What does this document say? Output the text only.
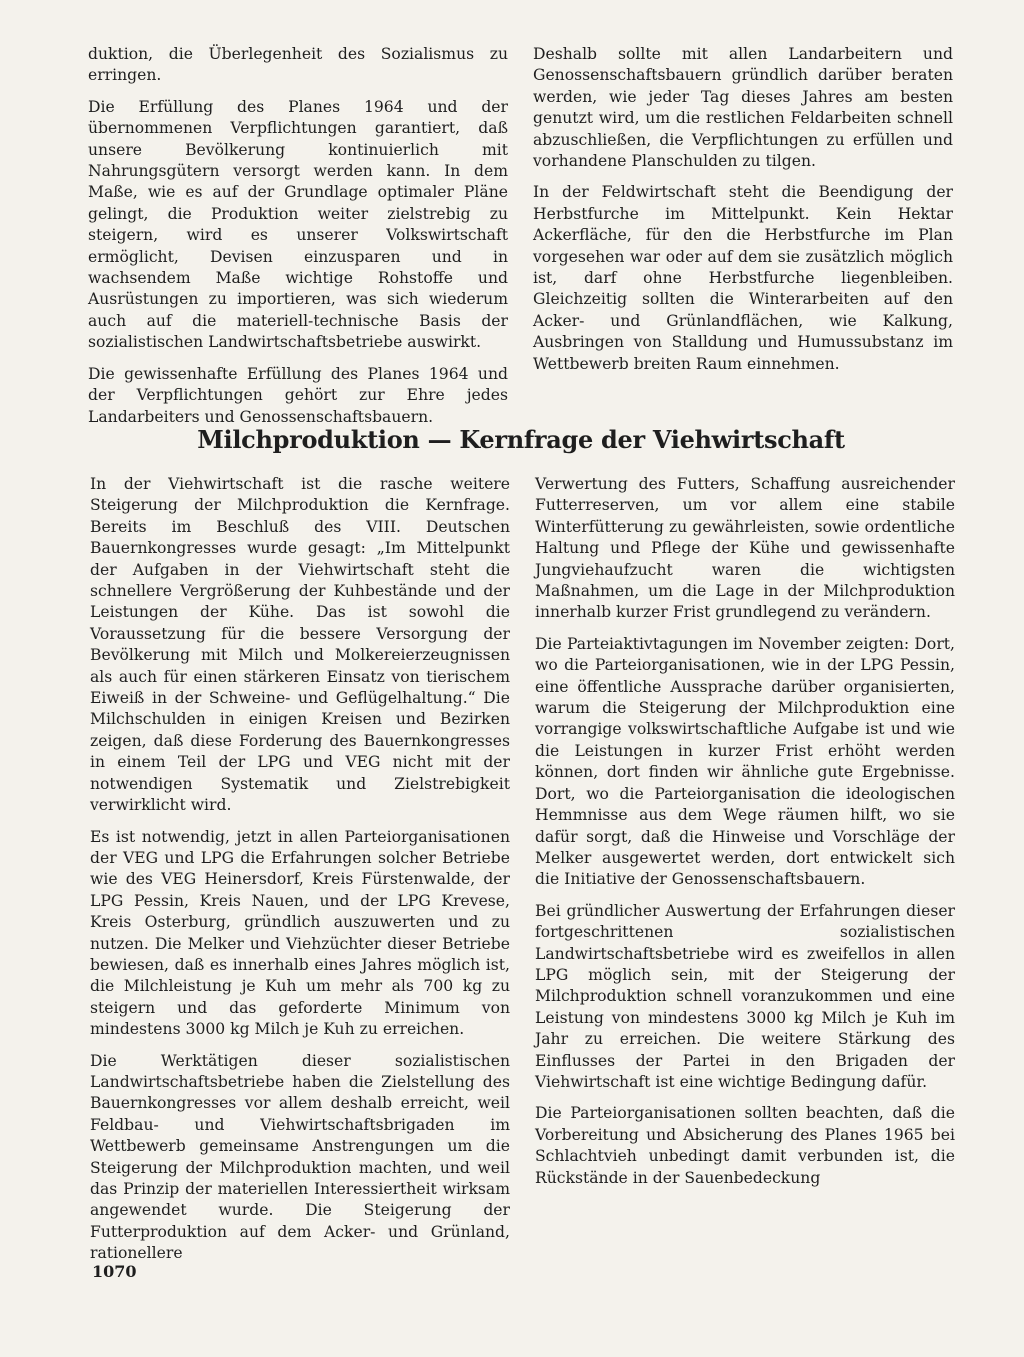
duktion, die Überlegenheit des Sozialismus zu erringen.

Die Erfüllung des Planes 1964 und der übernommenen Verpflichtungen garantiert, daß unsere Bevölkerung kontinuierlich mit Nahrungsgütern versorgt werden kann. In dem Maße, wie es auf der Grundlage optimaler Pläne gelingt, die Produktion weiter zielstrebig zu steigern, wird es unserer Volkswirtschaft ermöglicht, Devisen einzusparen und in wachsendem Maße wichtige Rohstoffe und Ausrüstungen zu importieren, was sich wiederum auch auf die materiell-technische Basis der sozialistischen Landwirtschaftsbetriebe auswirkt.

Die gewissenhafte Erfüllung des Planes 1964 und der Verpflichtungen gehört zur Ehre jedes Landarbeiters und Genossenschaftsbauern.

Deshalb sollte mit allen Landarbeitern und Genossenschaftsbauern gründlich darüber beraten werden, wie jeder Tag dieses Jahres am besten genutzt wird, um die restlichen Feldarbeiten schnell abzuschließen, die Verpflichtungen zu erfüllen und vorhandene Planschulden zu tilgen.

In der Feldwirtschaft steht die Beendigung der Herbstfurche im Mittelpunkt. Kein Hektar Ackerfläche, für den die Herbstfurche im Plan vorgesehen war oder auf dem sie zusätzlich möglich ist, darf ohne Herbstfurche liegenbleiben. Gleichzeitig sollten die Winterarbeiten auf den Acker- und Grünlandflächen, wie Kalkung, Ausbringen von Stalldung und Humussubstanz im Wettbewerb breiten Raum einnehmen.

Milchproduktion — Kernfrage der Viehwirtschaft

In der Viehwirtschaft ist die rasche weitere Steigerung der Milchproduktion die Kernfrage. Bereits im Beschluß des VIII. Deutschen Bauernkongresses wurde gesagt: „Im Mittelpunkt der Aufgaben in der Viehwirtschaft steht die schnellere Vergrößerung der Kuhbestände und der Leistungen der Kühe. Das ist sowohl die Voraussetzung für die bessere Versorgung der Bevölkerung mit Milch und Molkereierzeugnissen als auch für einen stärkeren Einsatz von tierischem Eiweiß in der Schweine- und Geflügelhaltung.“ Die Milchschulden in einigen Kreisen und Bezirken zeigen, daß diese Forderung des Bauernkongresses in einem Teil der LPG und VEG nicht mit der notwendigen Systematik und Zielstrebigkeit verwirklicht wird.

Es ist notwendig, jetzt in allen Parteiorganisationen der VEG und LPG die Erfahrungen solcher Betriebe wie des VEG Heinersdorf, Kreis Fürstenwalde, der LPG Pessin, Kreis Nauen, und der LPG Krevese, Kreis Osterburg, gründlich auszuwerten und zu nutzen. Die Melker und Viehzüchter dieser Betriebe bewiesen, daß es innerhalb eines Jahres möglich ist, die Milchleistung je Kuh um mehr als 700 kg zu steigern und das geforderte Minimum von mindestens 3000 kg Milch je Kuh zu erreichen.

Die Werktätigen dieser sozialistischen Landwirtschaftsbetriebe haben die Zielstellung des Bauernkongresses vor allem deshalb erreicht, weil Feldbau- und Viehwirtschaftsbrigaden im Wettbewerb gemeinsame Anstrengungen um die Steigerung der Milchproduktion machten, und weil das Prinzip der materiellen Interessiertheit wirksam angewendet wurde. Die Steigerung der Futterproduktion auf dem Acker- und Grünland, rationellere

Verwertung des Futters, Schaffung ausreichender Futterreserven, um vor allem eine stabile Winterfütterung zu gewährleisten, sowie ordentliche Haltung und Pflege der Kühe und gewissenhafte Jungviehaufzucht waren die wichtigsten Maßnahmen, um die Lage in der Milchproduktion innerhalb kurzer Frist grundlegend zu verändern.

Die Parteiaktivtagungen im November zeigten: Dort, wo die Parteiorganisationen, wie in der LPG Pessin, eine öffentliche Aussprache darüber organisierten, warum die Steigerung der Milchproduktion eine vorrangige volkswirtschaftliche Aufgabe ist und wie die Leistungen in kurzer Frist erhöht werden können, dort finden wir ähnliche gute Ergebnisse. Dort, wo die Parteiorganisation die ideologischen Hemmnisse aus dem Wege räumen hilft, wo sie dafür sorgt, daß die Hinweise und Vorschläge der Melker ausgewertet werden, dort entwickelt sich die Initiative der Genossenschaftsbauern.

Bei gründlicher Auswertung der Erfahrungen dieser fortgeschrittenen sozialistischen Landwirtschaftsbetriebe wird es zweifellos in allen LPG möglich sein, mit der Steigerung der Milchproduktion schnell voranzukommen und eine Leistung von mindestens 3000 kg Milch je Kuh im Jahr zu erreichen. Die weitere Stärkung des Einflusses der Partei in den Brigaden der Viehwirtschaft ist eine wichtige Bedingung dafür.

Die Parteiorganisationen sollten beachten, daß die Vorbereitung und Absicherung des Planes 1965 bei Schlachtvieh unbedingt damit verbunden ist, die Rückstände in der Sauenbedeckung

1070
